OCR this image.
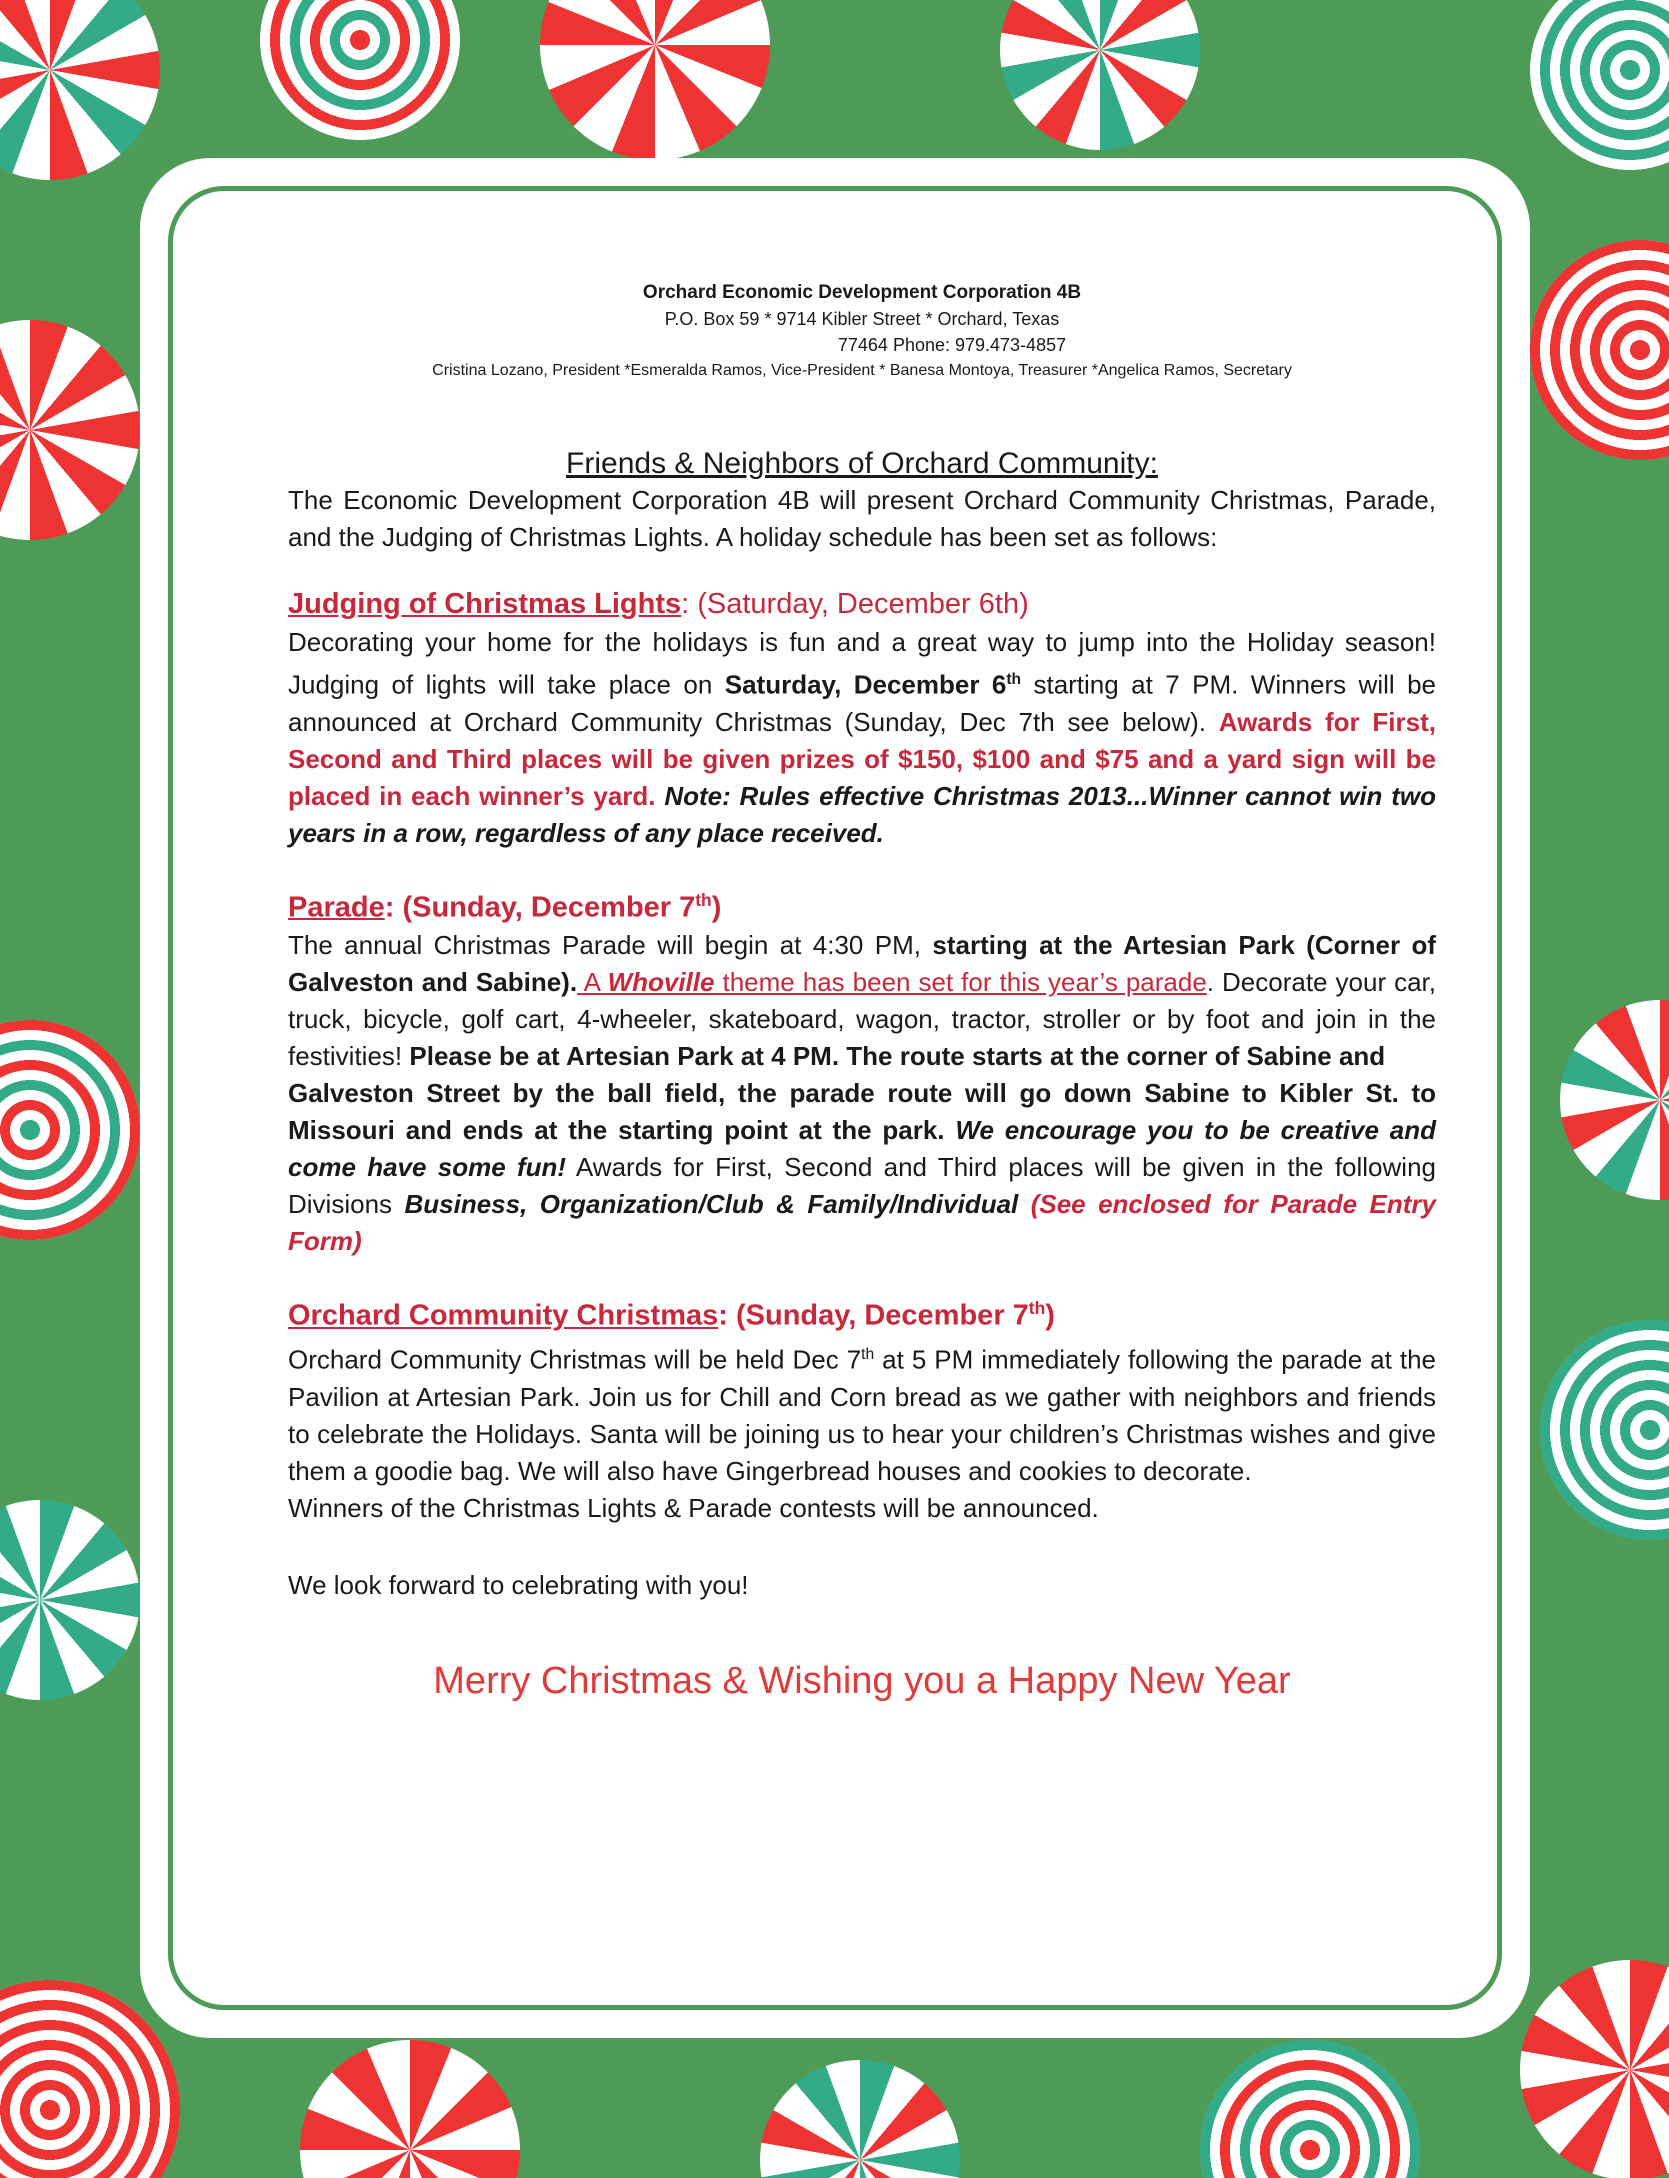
Orchard Economic Development Corporation 4B
P.O. Box 59 * 9714 Kibler Street * Orchard, Texas
77464 Phone: 979.473-4857
Cristina Lozano, President *Esmeralda Ramos, Vice-President * Banesa Montoya, Treasurer *Angelica Ramos, Secretary
Friends & Neighbors of Orchard Community:

The Economic Development Corporation 4B will present Orchard Community Christmas, Parade, and the Judging of Christmas Lights. A holiday schedule has been set as follows:

Judging of Christmas Lights: (Saturday, December 6th)

Decorating your home for the holidays is fun and a great way to jump into the Holiday season! Judging of lights will take place on Saturday, December 6th starting at 7 PM. Winners will be announced at Orchard Community Christmas (Sunday, Dec 7th see below). Awards for First, Second and Third places will be given prizes of $150, $100 and $75 and a yard sign will be placed in each winner’s yard. Note: Rules effective Christmas 2013...Winner cannot win two years in a row, regardless of any place received.

Parade: (Sunday, December 7th)

The annual Christmas Parade will begin at 4:30 PM, starting at the Artesian Park (Corner of Galveston and Sabine). A Whoville theme has been set for this year’s parade. Decorate your car, truck, bicycle, golf cart, 4-wheeler, skateboard, wagon, tractor, stroller or by foot and join in the festivities! Please be at Artesian Park at 4 PM. The route starts at the corner of Sabine and
Galveston Street by the ball field, the parade route will go down Sabine to Kibler St. to Missouri and ends at the starting point at the park. We encourage you to be creative and come have some fun! Awards for First, Second and Third places will be given in the following Divisions Business, Organization/Club & Family/Individual (See enclosed for Parade Entry Form)

Orchard Community Christmas: (Sunday, December 7th)

Orchard Community Christmas will be held Dec 7th at 5 PM immediately following the parade at the Pavilion at Artesian Park. Join us for Chill and Corn bread as we gather with neighbors and friends to celebrate the Holidays. Santa will be joining us to hear your children’s Christmas wishes and give them a goodie bag. We will also have Gingerbread houses and cookies to decorate.

Winners of the Christmas Lights & Parade contests will be announced.

We look forward to celebrating with you!

Merry Christmas & Wishing you a Happy New Year
